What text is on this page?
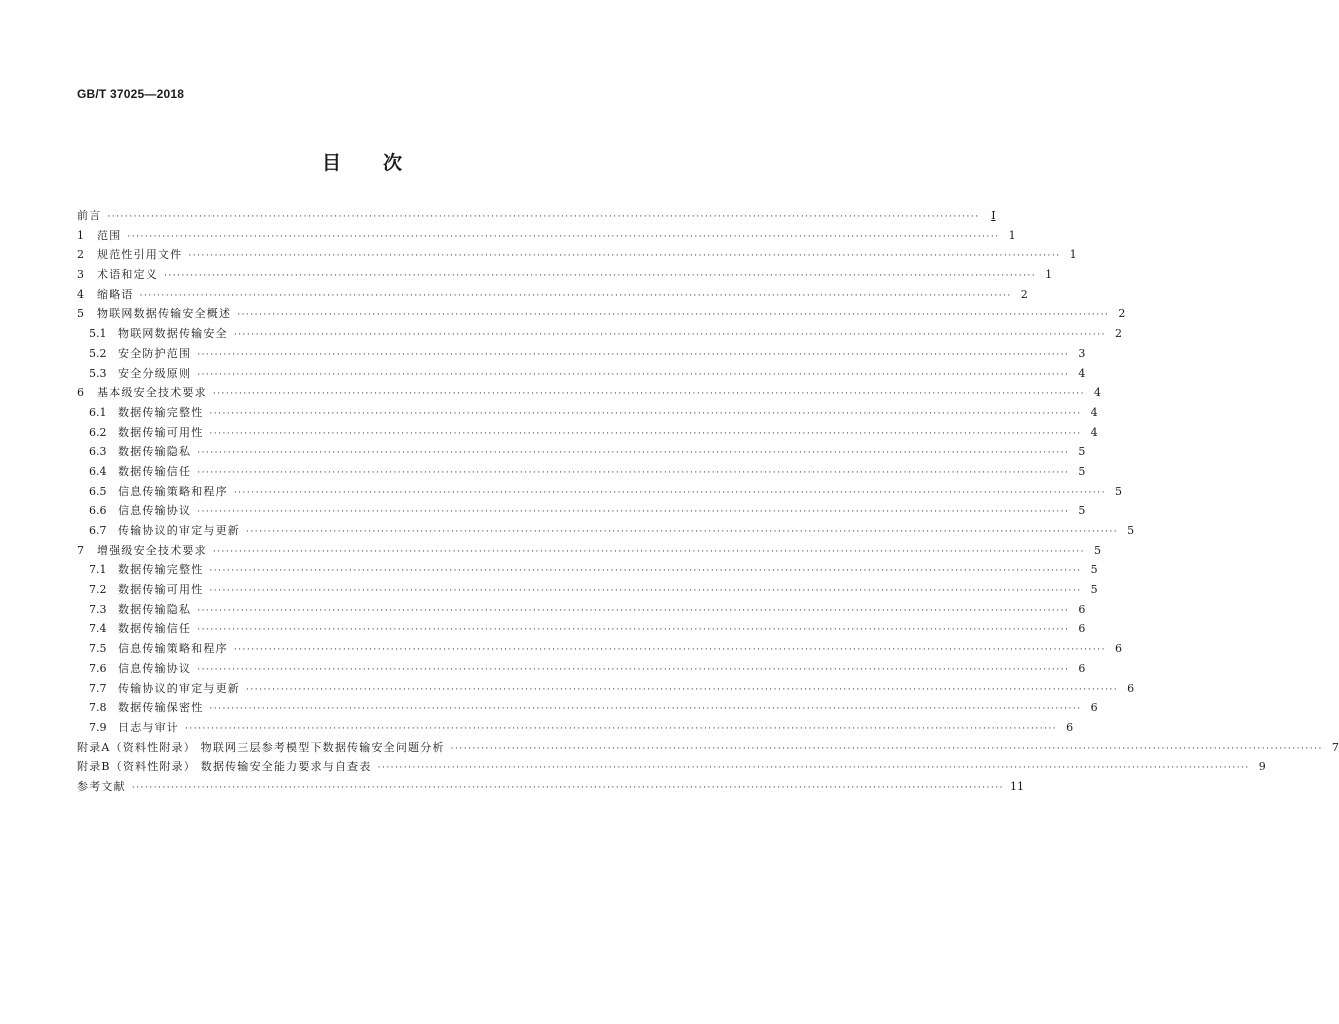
GB/T 37025—2018
目 次
前言 ········································································································································································································	Ⅰ
1	范围 ········································································································································································································ 1
2	规范性引用文件 ········································································································································································································ 1
3	术语和定义 ········································································································································································································ 1
4	缩略语 ········································································································································································································ 2
5	物联网数据传输安全概述 ········································································································································································································ 2
5.1	物联网数据传输安全 ········································································································································································································ 2
5.2	安全防护范围 ········································································································································································································ 3
5.3	安全分级原则 ········································································································································································································ 4
6	基本级安全技术要求 ········································································································································································································ 4
6.1	数据传输完整性 ········································································································································································································ 4
6.2	数据传输可用性 ········································································································································································································ 4
6.3	数据传输隐私 ········································································································································································································ 5
6.4	数据传输信任 ········································································································································································································ 5
6.5	信息传输策略和程序 ········································································································································································································ 5
6.6	信息传输协议 ········································································································································································································ 5
6.7	传输协议的审定与更新 ········································································································································································································ 5
7	增强级安全技术要求 ········································································································································································································ 5
7.1	数据传输完整性 ········································································································································································································ 5
7.2	数据传输可用性 ········································································································································································································ 5
7.3	数据传输隐私 ········································································································································································································ 6
7.4	数据传输信任 ········································································································································································································ 6
7.5	信息传输策略和程序 ········································································································································································································ 6
7.6	信息传输协议 ········································································································································································································ 6
7.7	传输协议的审定与更新 ········································································································································································································ 6
7.8	数据传输保密性 ········································································································································································································ 6
7.9	日志与审计 ········································································································································································································ 6
附录A（资料性附录） 物联网三层参考模型下数据传输安全问题分析 ········································································································································································································ 7
附录B（资料性附录） 数据传输安全能力要求与自查表 ········································································································································································································ 9
参考文献 ········································································································································································································ 11
